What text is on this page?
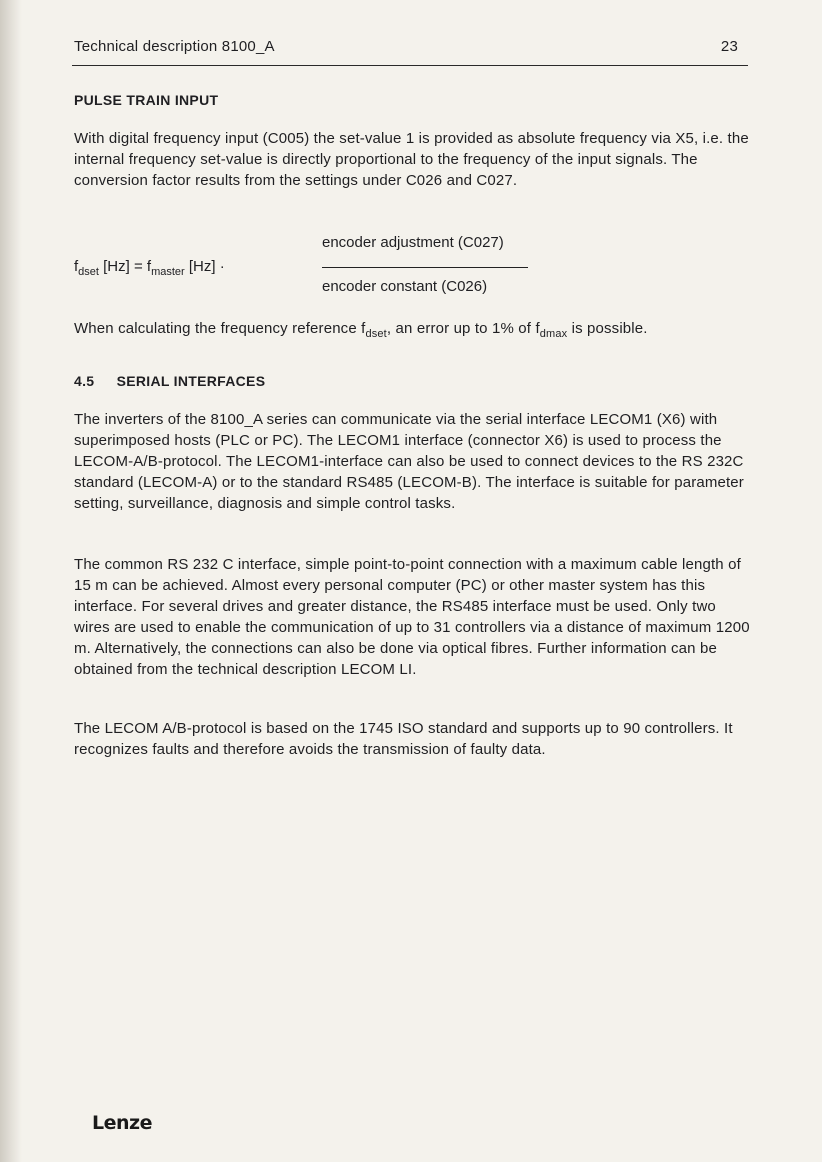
Technical description 8100_A	23
PULSE TRAIN INPUT
With digital frequency input (C005) the set-value 1 is provided as absolute frequency via X5, i.e. the internal frequency set-value is directly proportional to the frequency of the input signals. The conversion factor results from the settings under C026 and C027.
$f_{dset}$ $[Hz] = f_{master}$ [Hz] ·
encoder adjustment (C027)
encoder constant (C026)
When calculating the frequency reference $f_{dset}$, an error up to 1% of $f_{dmax}$ is possible.
4.5 SERIAL INTERFACES
The inverters of the 8100_A series can communicate via the serial interface LECOM1 (X6) with superimposed hosts (PLC or PC). The LECOM1 interface (connector X6) is used to process the LECOM-A/B-protocol. The LECOM1-interface can also be used to connect devices to the RS 232C standard (LECOM-A) or to the standard RS485 (LECOM-B). The interface is suitable for parameter setting, surveillance, diagnosis and simple control tasks.
The common RS 232 C interface, simple point-to-point connection with a maximum cable length of 15 m can be achieved. Almost every personal computer (PC) or other master system has this interface. For several drives and greater distance, the RS485 interface must be used. Only two wires are used to enable the communication of up to 31 controllers via a distance of maximum 1200 m. Alternatively, the connections can also be done via optical fibres. Further information can be obtained from the technical description LECOM LI.
The LECOM A/B-protocol is based on the 1745 ISO standard and supports up to 90 controllers. It recognizes faults and therefore avoids the transmission of faulty data.
Lenze
